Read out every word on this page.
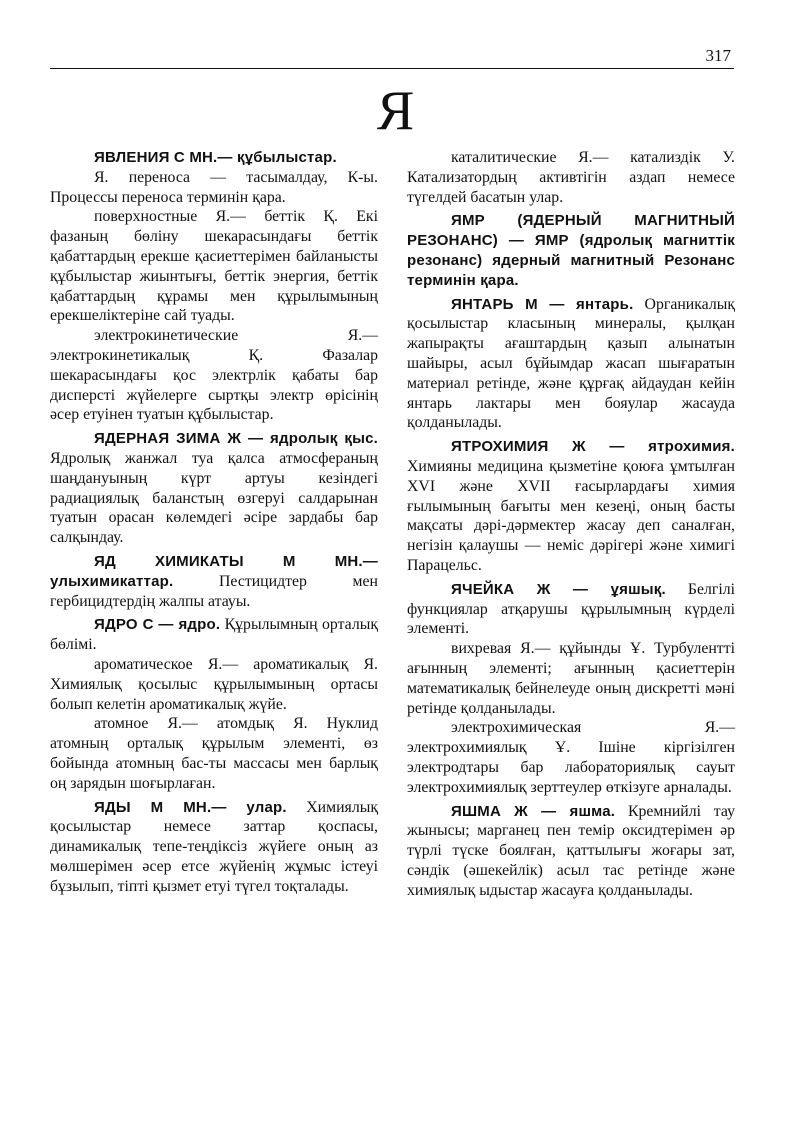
317
Я

ЯВЛЕНИЯ С МН.— құбылыстар.

Я. переноса — тасымалдау, К-ы. Процессы переноса терминін қара.

поверхностные Я.— беттік Қ. Екі фазаның бөліну шекарасындағы беттік қабаттардың ерекше қасиеттерімен байланысты құбылыстар жиынтығы, беттік энергия, беттік қабаттардың құрамы мен құрылымының ерекшеліктеріне сай туады.

электрокинетические Я.— электрокинетикалық Қ. Фазалар шекарасындағы қос электрлік қабаты бар дисперсті жүйелерге сыртқы электр өрісінің әсер етуінен туатын құбылыстар.

ЯДЕРНАЯ ЗИМА Ж — ядролық қыс. Ядролық жанжал туа қалса атмосфераның шаңдануының күрт артуы кезіндегі радиациялық баланстың өзгеруі салдарынан туатын орасан көлемдегі әсіре зардабы бар салқындау.

ЯД ХИМИКАТЫ М МН.— улыхимикаттар.	Пестицидтер мен гербицидтердің жалпы атауы.

ЯДРО С — ядро. Құрылымның орталық бөлімі.

ароматическое Я.— ароматикалық Я. Химиялық қосылыс құрылымының ортасы болып келетін ароматикалық жүйе.

атомное Я.— атомдық Я. Нуклид атомның орталық құрылым элементі, өз бойында атомның бас-ты массасы мен барлық оң зарядын шоғырлаған.

ЯДЫ М МН.— улар. Химиялық қосылыстар немесе заттар қоспасы, динамикалық тепе-теңдіксіз жүйеге оның аз мөлшерімен әсер етсе жүйенің жұмыс істеуі бұзылып, тіпті қызмет етуі түгел тоқталады.

каталитические Я.— катализдік У. Катализатордың активтігін аздап немесе түгелдей басатын улар.

ЯМР (ЯДЕРНЫЙ МАГНИТНЫЙ РЕЗОНАНС) — ЯМР (ядролық магниттік резонанс) ядерный магнитный Резонанс терминін қара.

ЯНТАРЬ М — янтарь. Органикалық қосылыстар класының минералы, қылқан жапырақты ағаштардың қазып алынатын шайыры, асыл бұйымдар жасап шығаратын материал ретінде, және құрғақ айдаудан кейін янтарь лактары мен бояулар жасауда қолданылады.

ЯТРОХИМИЯ Ж — ятрохимия. Химияны медицина қызметіне қоюға ұмтылған XVI және XVII ғасырлардағы химия ғылымының бағыты мен кезеңі, оның басты мақсаты дәрі-дәрмектер жасау деп саналған, негізін қалаушы — неміс дәрігері және химигі Парацельс.

ЯЧЕЙКА Ж — ұяшық. Белгілі функциялар атқарушы құрылымның күрделі элементі.

вихревая Я.— құйынды Ұ. Турбуленттi ағынның элементі; ағынның қасиеттерін математикалық бейнелеуде оның дискретті мәні ретінде қолданылады.

электрохимическая Я.— электрохимиялық Ұ. Ішіне кіргізілген электродтары бар лабораториялық сауыт электрохимиялық зерттеулер өткізуге арналады.

ЯШМА Ж — яшма. Кремнийлі тау жынысы; марганец пен темір оксидтерімен әр түрлі түске боялған, қаттылығы жоғары зат, сәндік (әшекейлік) асыл тас ретінде және химиялық ыдыстар жасауға қолданылады.
